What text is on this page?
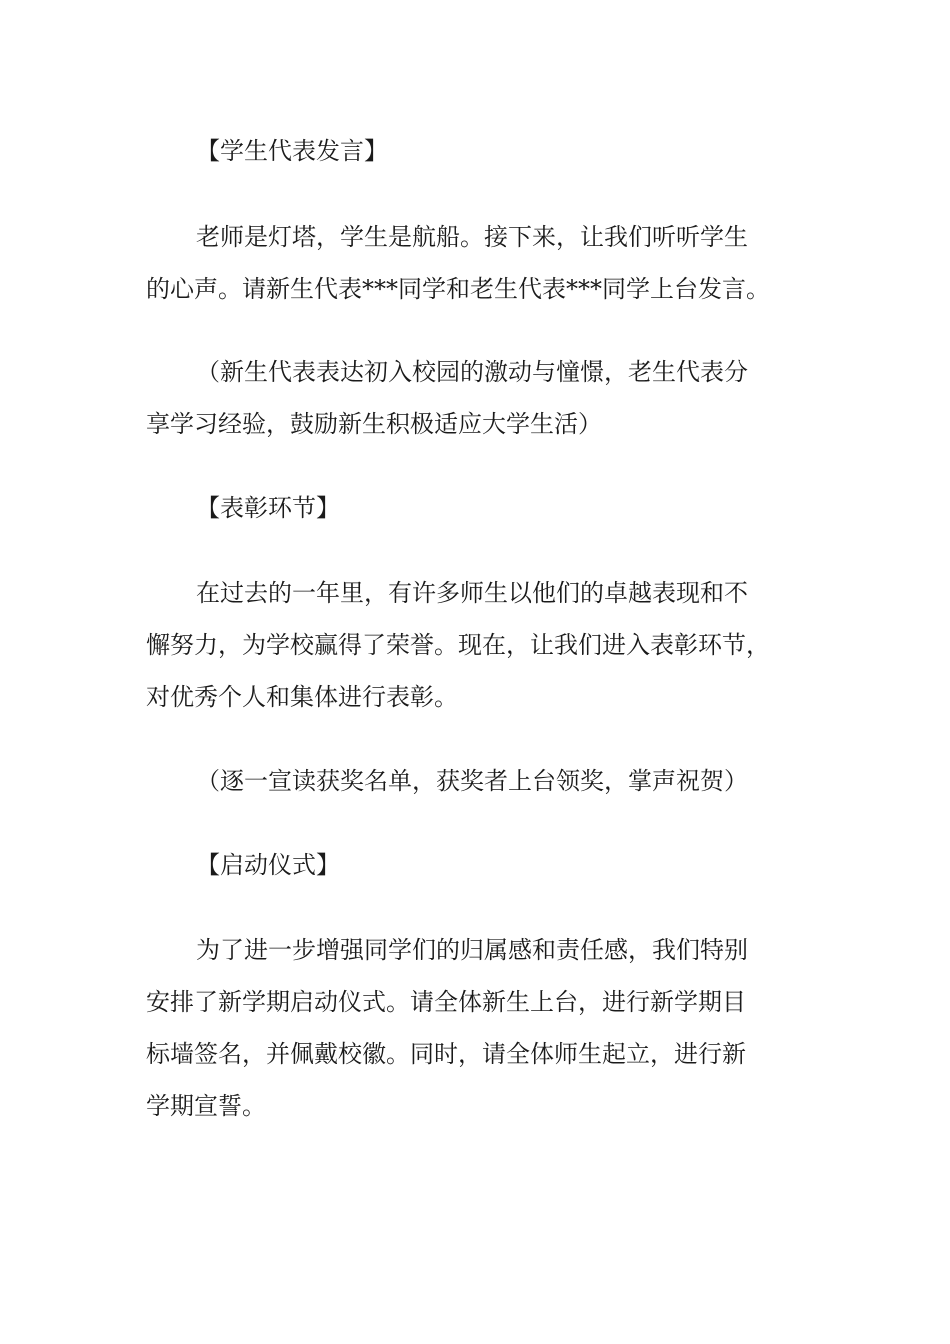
【学生代表发言】
老师是灯塔，学生是航船。接下来，让我们听听学生
的心声。请新生代表***同学和老生代表***同学上台发言。
（新生代表表达初入校园的激动与憧憬，老生代表分
享学习经验，鼓励新生积极适应大学生活）
【表彰环节】
在过去的一年里，有许多师生以他们的卓越表现和不
懈努力，为学校赢得了荣誉。现在，让我们进入表彰环节，
对优秀个人和集体进行表彰。
（逐一宣读获奖名单，获奖者上台领奖，掌声祝贺）
【启动仪式】
为了进一步增强同学们的归属感和责任感，我们特别
安排了新学期启动仪式。请全体新生上台，进行新学期目
标墙签名，并佩戴校徽。同时，请全体师生起立，进行新
学期宣誓。
